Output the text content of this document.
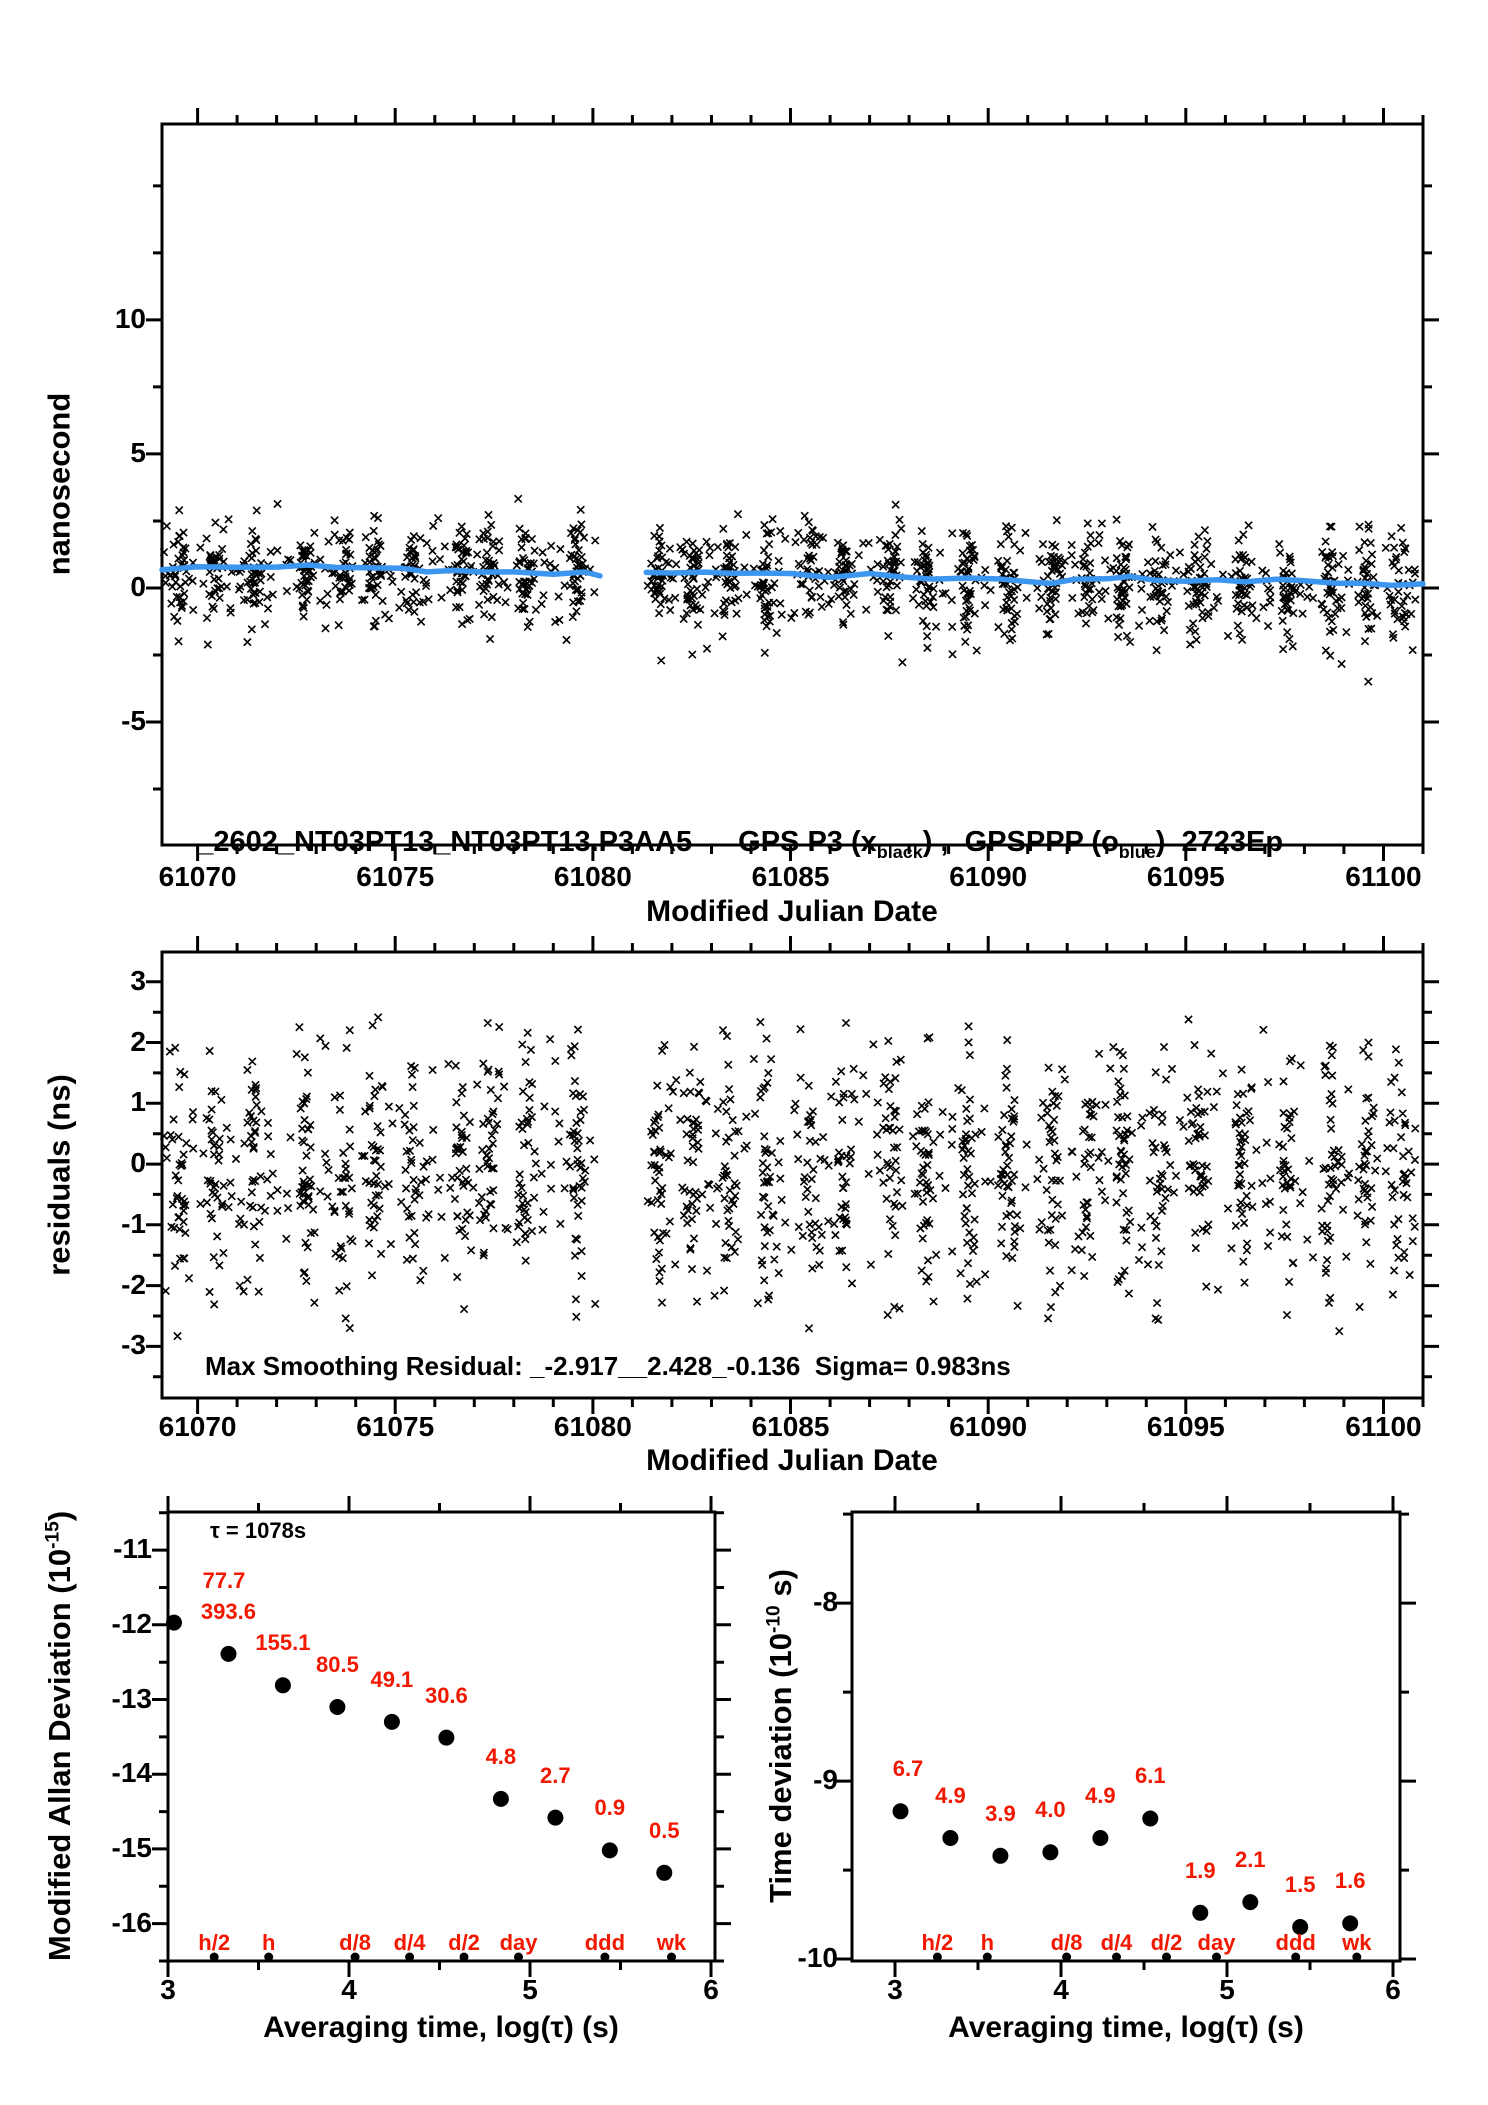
77.7
393.6
155.1
80.5
49.1
30.6
4.8
2.7
0.9
0.5
h/2	h	d/8	d/4	d/2 day	ddd	wk
6.7
4.9
3.9 4.0
4.9
6.1
1.9 2.1
1.5 1.6
h/2	h	d/8 d/4 d/2 day	ddd	wk
61070	61075	61080	61085	61090	61095	61100
10
5
0
-5
61070	61075	61080	61085	61090	61095	61100
3
2
1
0
-1
-2
-3
3	4	5	6
-11
-12
-13
-14
-15
-16
3	4	5	6
-8
-9
-10

_2602_NT03PT13_NT03PT13.P3AA5 GPS P3 $(x_{black})$ ,  GPSPPP $(o_{blue})$  2723Ep

nanosecond
Modified Julian Date
residuals (ns)
Max Smoothing Residual: _-2.917__2.428_-0.136  Sigma= 0.983ns
Modified Julian Date
Modified Allan Deviation $(10^{-15})$
τ = 1078s
Averaging time, log(τ) (s)
Time deviation ($10^{-10}$ s)
Averaging time, log(τ) (s)
